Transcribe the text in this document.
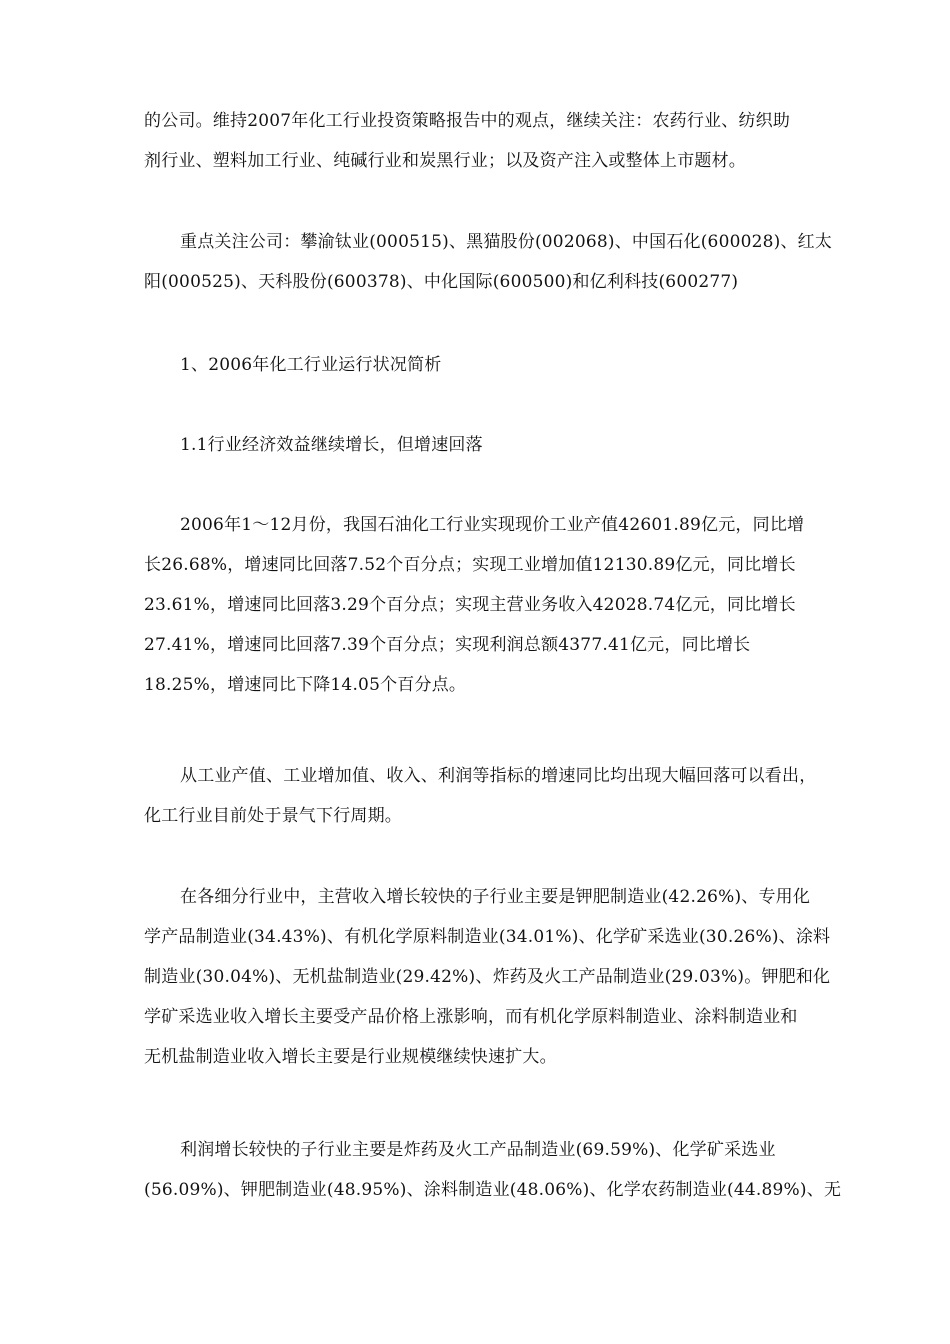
的公司。维持2007年化工行业投资策略报告中的观点，继续关注：农药行业、纺织助
剂行业、塑料加工行业、纯碱行业和炭黑行业；以及资产注入或整体上市题材。
重点关注公司：攀渝钛业(000515)、黑猫股份(002068)、中国石化(600028)、红太
阳(000525)、天科股份(600378)、中化国际(600500)和亿利科技(600277)
1、2006年化工行业运行状况简析
1.1行业经济效益继续增长，但增速回落
2006年1～12月份，我国石油化工行业实现现价工业产值42601.89亿元，同比增
长26.68%，增速同比回落7.52个百分点；实现工业增加值12130.89亿元，同比增长
23.61%，增速同比回落3.29个百分点；实现主营业务收入42028.74亿元，同比增长
27.41%，增速同比回落7.39个百分点；实现利润总额4377.41亿元，同比增长
18.25%，增速同比下降14.05个百分点。
从工业产值、工业增加值、收入、利润等指标的增速同比均出现大幅回落可以看出，
化工行业目前处于景气下行周期。
在各细分行业中，主营收入增长较快的子行业主要是钾肥制造业(42.26%)、专用化
学产品制造业(34.43%)、有机化学原料制造业(34.01%)、化学矿采选业(30.26%)、涂料
制造业(30.04%)、无机盐制造业(29.42%)、炸药及火工产品制造业(29.03%)。钾肥和化
学矿采选业收入增长主要受产品价格上涨影响，而有机化学原料制造业、涂料制造业和
无机盐制造业收入增长主要是行业规模继续快速扩大。
利润增长较快的子行业主要是炸药及火工产品制造业(69.59%)、化学矿采选业
(56.09%)、钾肥制造业(48.95%)、涂料制造业(48.06%)、化学农药制造业(44.89%)、无
